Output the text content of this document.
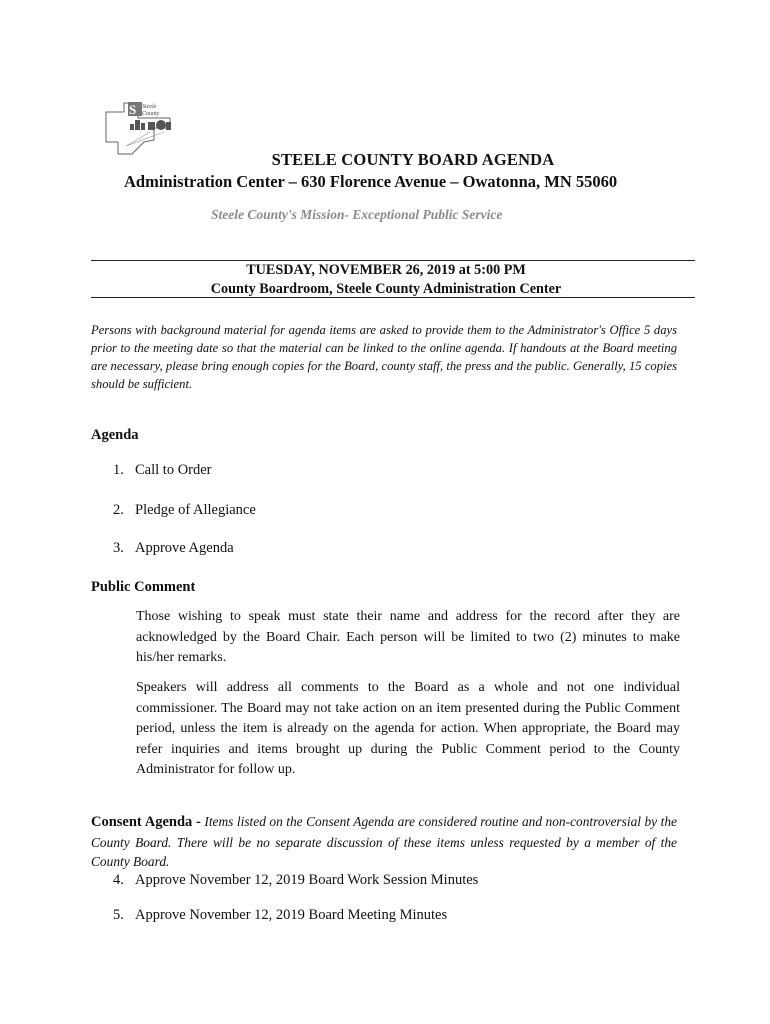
S Steele
County
STEELE COUNTY BOARD AGENDA
Administration Center – 630 Florence Avenue – Owatonna, MN 55060
Steele County's Mission- Exceptional Public Service
TUESDAY, NOVEMBER 26, 2019 at 5:00 PM
County Boardroom, Steele County Administration Center
Persons with background material for agenda items are asked to provide them to the Administrator's Office 5 days prior to the meeting date so that the material can be linked to the online agenda. If handouts at the Board meeting are necessary, please bring enough copies for the Board, county staff, the press and the public. Generally, 15 copies should be sufficient.
Agenda
1. Call to Order
2. Pledge of Allegiance
3. Approve Agenda
Public Comment
Those wishing to speak must state their name and address for the record after they are acknowledged by the Board Chair. Each person will be limited to two (2) minutes to make his/her remarks.
Speakers will address all comments to the Board as a whole and not one individual commissioner. The Board may not take action on an item presented during the Public Comment period, unless the item is already on the agenda for action. When appropriate, the Board may refer inquiries and items brought up during the Public Comment period to the County Administrator for follow up.
Consent Agenda - Items listed on the Consent Agenda are considered routine and non-controversial by the County Board. There will be no separate discussion of these items unless requested by a member of the County Board.
4. Approve November 12, 2019 Board Work Session Minutes
5. Approve November 12, 2019 Board Meeting Minutes
